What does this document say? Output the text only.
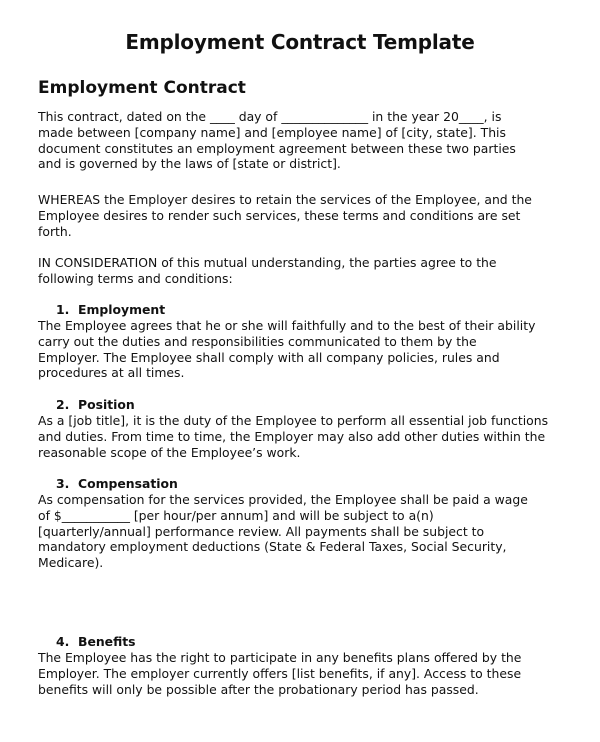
Employment Contract Template
Employment Contract

This contract, dated on the ____ day of ______________ in the year 20____, is
made between [company name] and [employee name] of [city, state]. This
document constitutes an employment agreement between these two parties
and is governed by the laws of [state or district].

WHEREAS the Employer desires to retain the services of the Employee, and the
Employee desires to render such services, these terms and conditions are set
forth.

IN CONSIDERATION of this mutual understanding, the parties agree to the
following terms and conditions:

1. Employment

The Employee agrees that he or she will faithfully and to the best of their ability
carry out the duties and responsibilities communicated to them by the
Employer. The Employee shall comply with all company policies, rules and
procedures at all times.

2. Position

As a [job title], it is the duty of the Employee to perform all essential job functions
and duties. From time to time, the Employer may also add other duties within the
reasonable scope of the Employee’s work.

3. Compensation

As compensation for the services provided, the Employee shall be paid a wage
of $___________ [per hour/per annum] and will be subject to a(n)
[quarterly/annual] performance review. All payments shall be subject to
mandatory employment deductions (State & Federal Taxes, Social Security,
Medicare).

4. Benefits

The Employee has the right to participate in any benefits plans offered by the
Employer. The employer currently offers [list benefits, if any]. Access to these
benefits will only be possible after the probationary period has passed.
